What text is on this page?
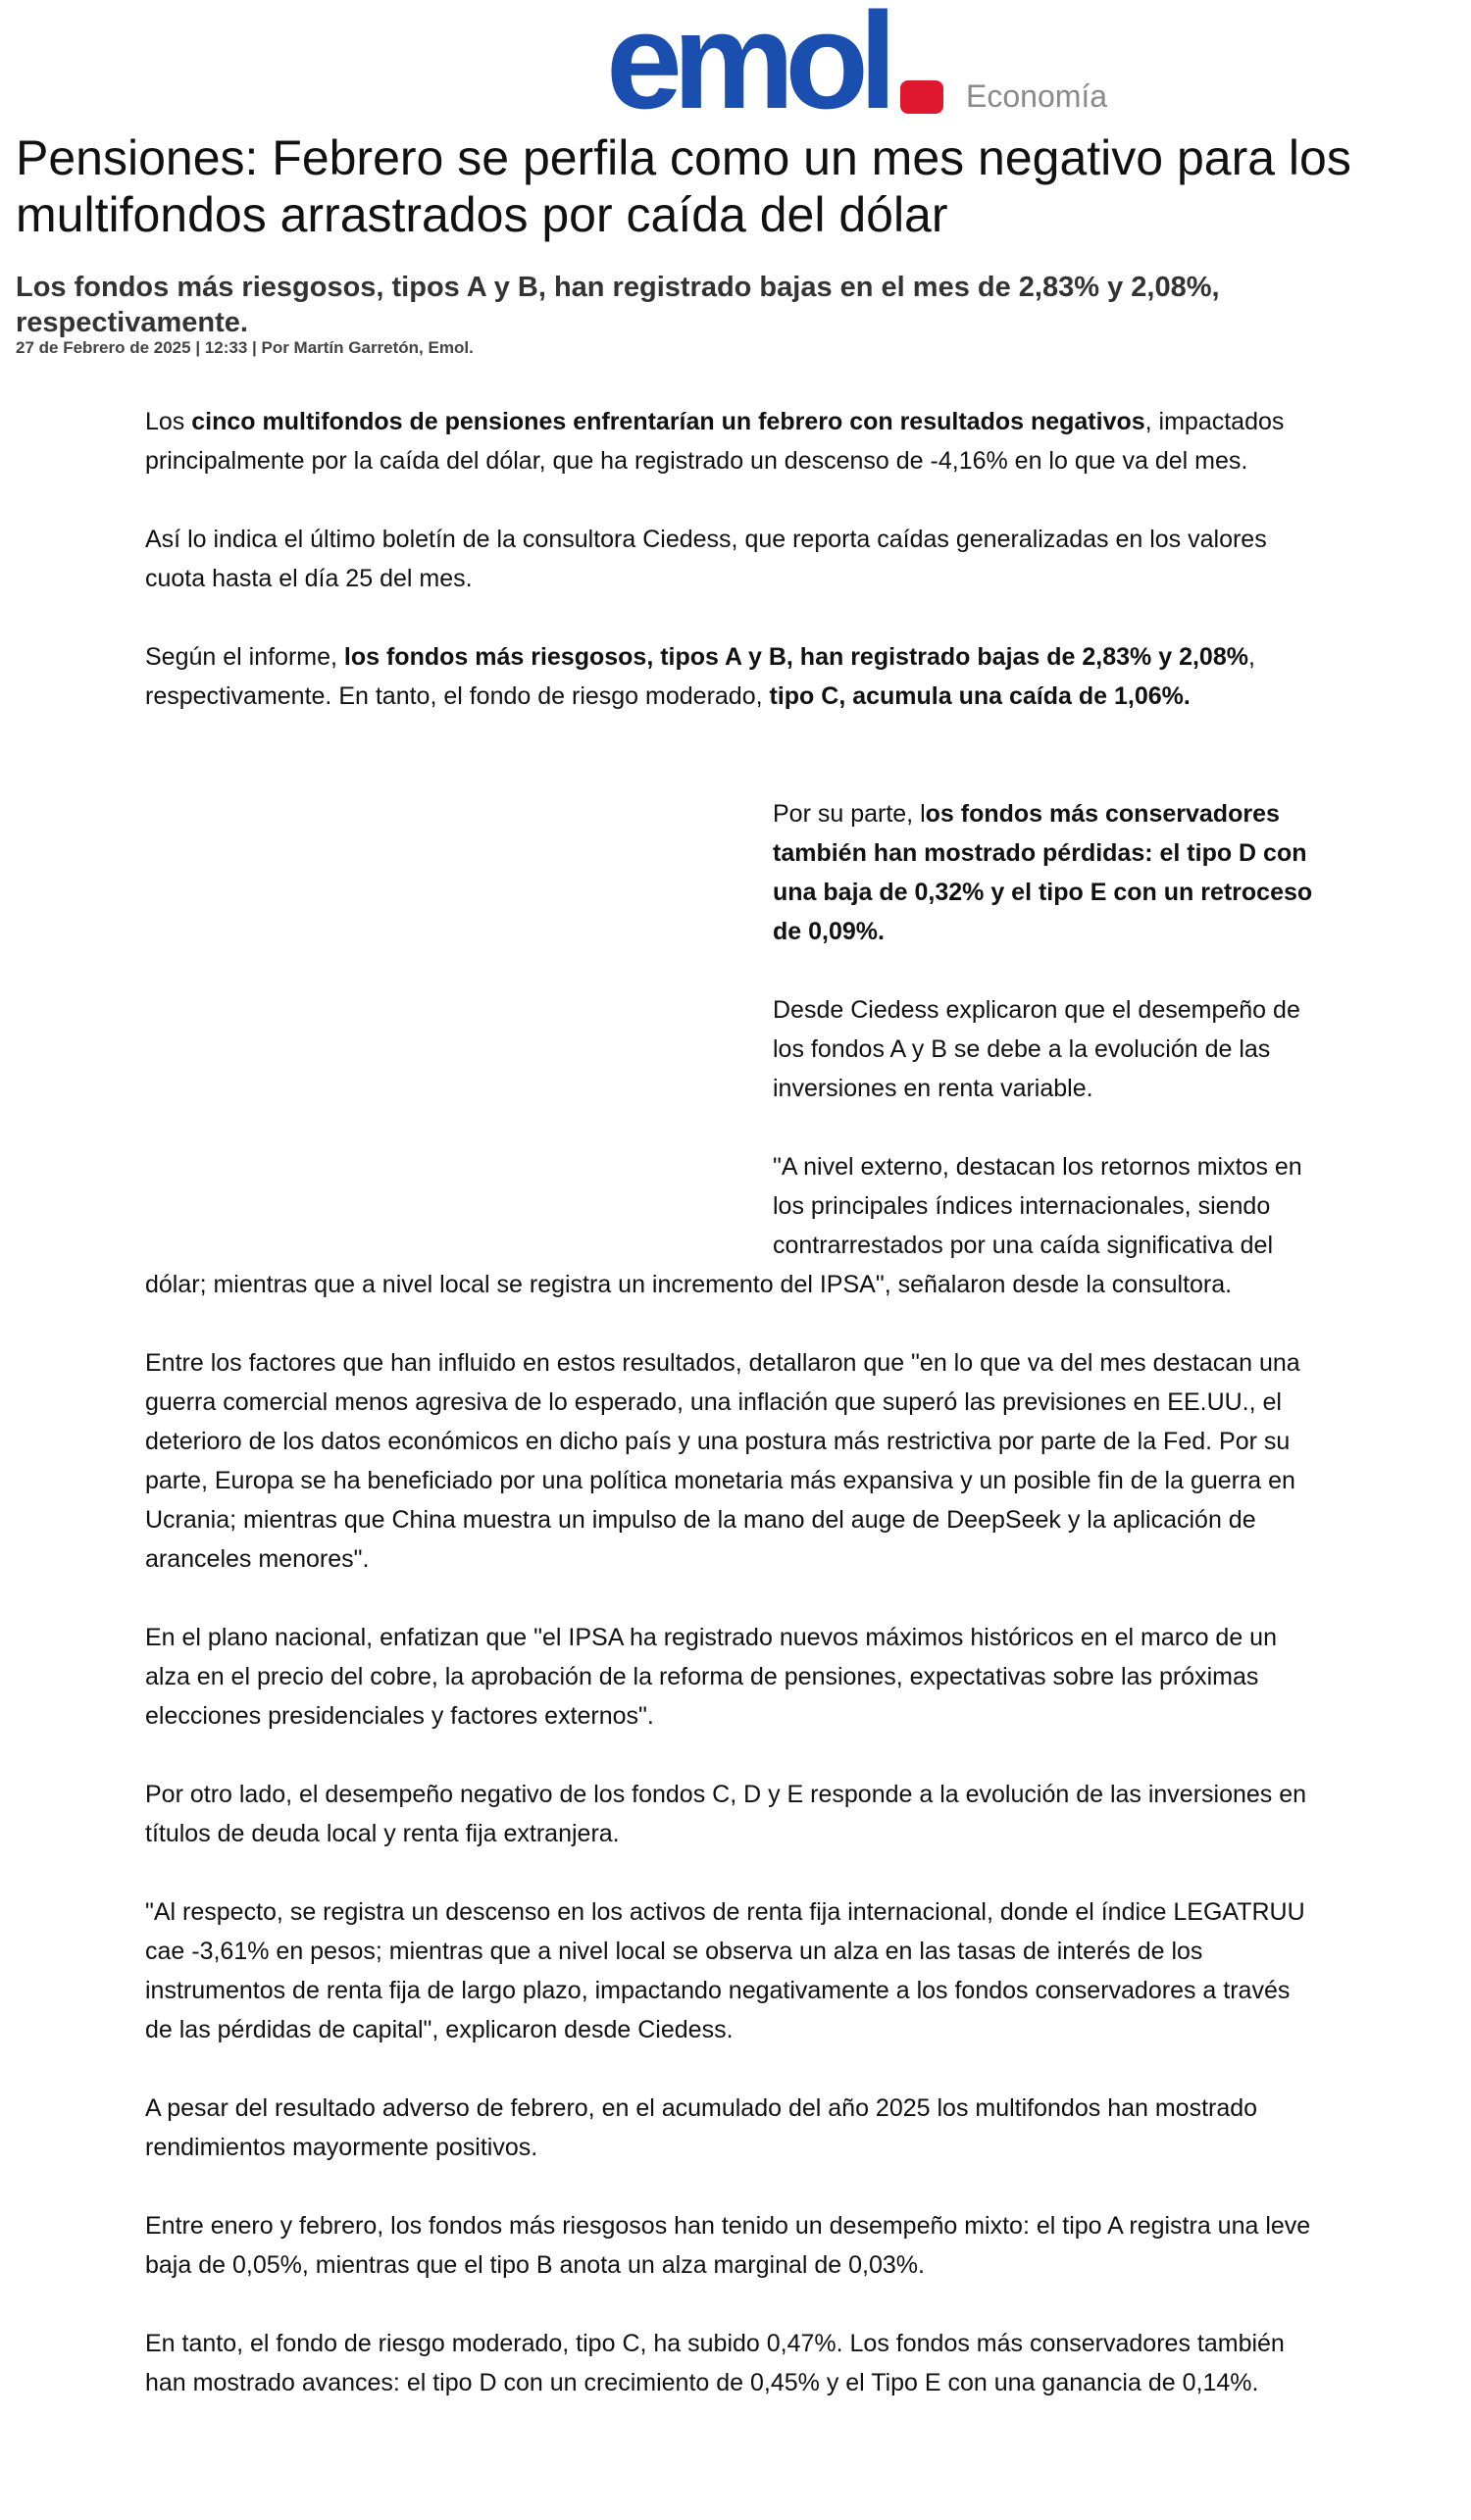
emol	Economía
Pensiones: Febrero se perfila como un mes negativo para los multifondos arrastrados por caída del dólar
Los fondos más riesgosos, tipos A y B, han registrado bajas en el mes de 2,83% y 2,08%, respectivamente.
27 de Febrero de 2025 | 12:33 | Por Martín Garretón, Emol.

Los cinco multifondos de pensiones enfrentarían un febrero con resultados negativos, impactados principalmente por la caída del dólar, que ha registrado un descenso de -4,16% en lo que va del mes.

Así lo indica el último boletín de la consultora Ciedess, que reporta caídas generalizadas en los valores cuota hasta el día 25 del mes.

Según el informe, los fondos más riesgosos, tipos A y B, han registrado bajas de 2,83% y 2,08%, respectivamente. En tanto, el fondo de riesgo moderado, tipo C, acumula una caída de 1,06%.

Por su parte, los fondos más conservadores también han mostrado pérdidas: el tipo D con una baja de 0,32% y el tipo E con un retroceso de 0,09%.

Desde Ciedess explicaron que el desempeño de los fondos A y B se debe a la evolución de las inversiones en renta variable.

"A nivel externo, destacan los retornos mixtos en los principales índices internacionales, siendo contrarrestados por una caída significativa del dólar; mientras que a nivel local se registra un incremento del IPSA", señalaron desde la consultora.

Entre los factores que han influido en estos resultados, detallaron que "en lo que va del mes destacan una guerra comercial menos agresiva de lo esperado, una inflación que superó las previsiones en EE.UU., el deterioro de los datos económicos en dicho país y una postura más restrictiva por parte de la Fed. Por su parte, Europa se ha beneficiado por una política monetaria más expansiva y un posible fin de la guerra en Ucrania; mientras que China muestra un impulso de la mano del auge de DeepSeek y la aplicación de aranceles menores".

En el plano nacional, enfatizan que "el IPSA ha registrado nuevos máximos históricos en el marco de un alza en el precio del cobre, la aprobación de la reforma de pensiones, expectativas sobre las próximas elecciones presidenciales y factores externos".

Por otro lado, el desempeño negativo de los fondos C, D y E responde a la evolución de las inversiones en títulos de deuda local y renta fija extranjera.

"Al respecto, se registra un descenso en los activos de renta fija internacional, donde el índice LEGATRUU cae -3,61% en pesos; mientras que a nivel local se observa un alza en las tasas de interés de los instrumentos de renta fija de largo plazo, impactando negativamente a los fondos conservadores a través de las pérdidas de capital", explicaron desde Ciedess.

A pesar del resultado adverso de febrero, en el acumulado del año 2025 los multifondos han mostrado rendimientos mayormente positivos.

Entre enero y febrero, los fondos más riesgosos han tenido un desempeño mixto: el tipo A registra una leve baja de 0,05%, mientras que el tipo B anota un alza marginal de 0,03%.

En tanto, el fondo de riesgo moderado, tipo C, ha subido 0,47%. Los fondos más conservadores también han mostrado avances: el tipo D con un crecimiento de 0,45% y el Tipo E con una ganancia de 0,14%.
